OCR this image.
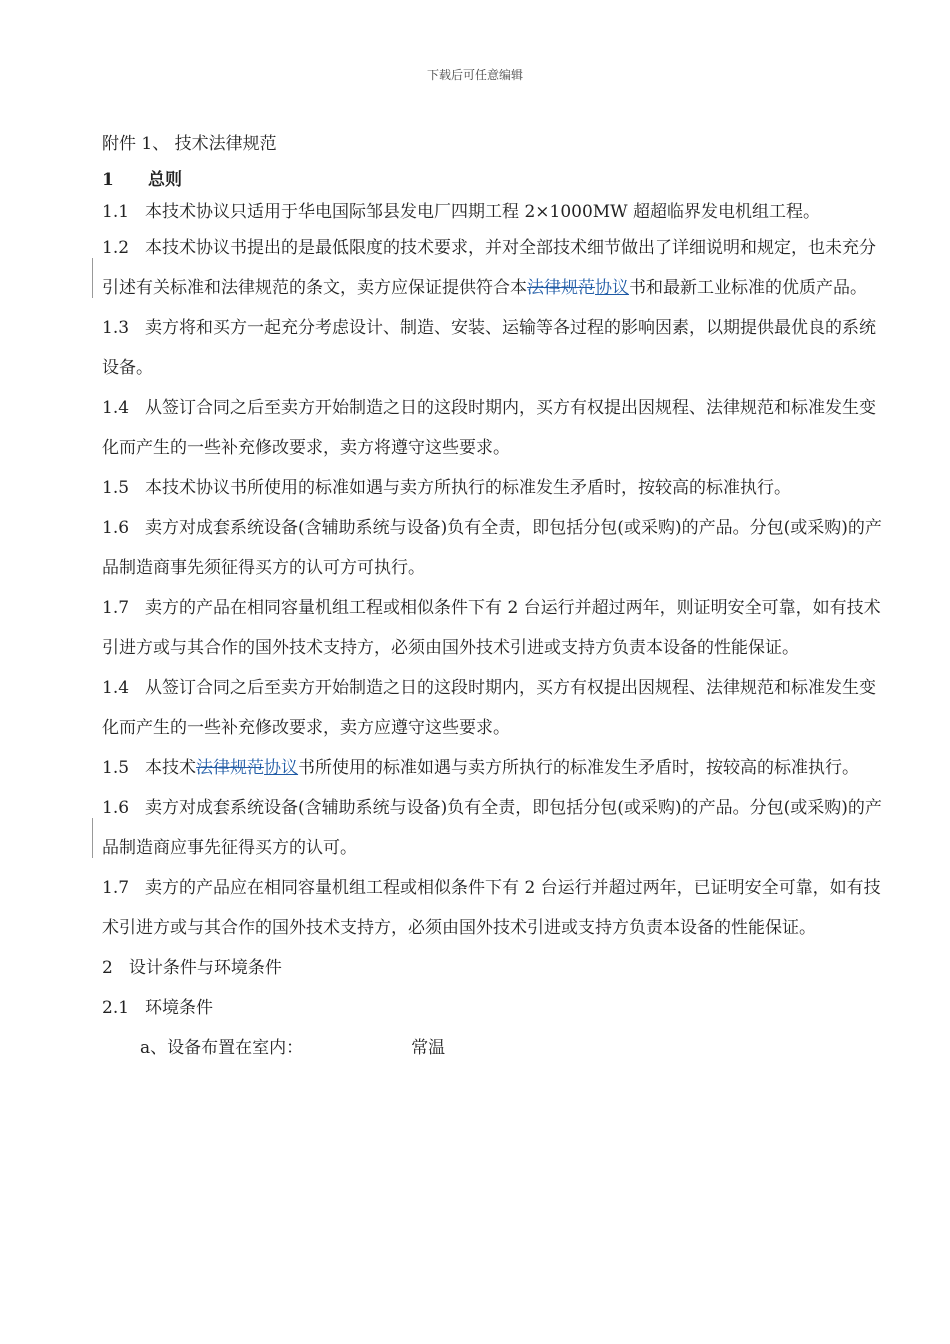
下载后可任意编辑

附件 1、 技术法律规范

1 总则

1.1 本技术协议只适用于华电国际邹县发电厂四期工程 2×1000MW 超超临界发电机组工程。

1.2 本技术协议书提出的是最低限度的技术要求，并对全部技术细节做出了详细说明和规定，也未充分引述有关标准和法律规范的条文，卖方应保证提供符合本法律规范协议书和最新工业标准的优质产品。

1.3 卖方将和买方一起充分考虑设计、制造、安装、运输等各过程的影响因素，以期提供最优良的系统设备。

1.4 从签订合同之后至卖方开始制造之日的这段时期内，买方有权提出因规程、法律规范和标准发生变化而产生的一些补充修改要求，卖方将遵守这些要求。

1.5 本技术协议书所使用的标准如遇与卖方所执行的标准发生矛盾时，按较高的标准执行。

1.6 卖方对成套系统设备(含辅助系统与设备)负有全责，即包括分包(或采购)的产品。分包(或采购)的产品制造商事先须征得买方的认可方可执行。

1.7 卖方的产品在相同容量机组工程或相似条件下有 2 台运行并超过两年，则证明安全可靠，如有技术引进方或与其合作的国外技术支持方，必须由国外技术引进或支持方负责本设备的性能保证。

1.4 从签订合同之后至卖方开始制造之日的这段时期内，买方有权提出因规程、法律规范和标准发生变化而产生的一些补充修改要求，卖方应遵守这些要求。

1.5 本技术法律规范协议书所使用的标准如遇与卖方所执行的标准发生矛盾时，按较高的标准执行。

1.6 卖方对成套系统设备(含辅助系统与设备)负有全责，即包括分包(或采购)的产品。分包(或采购)的产品制造商应事先征得买方的认可。

1.7 卖方的产品应在相同容量机组工程或相似条件下有 2 台运行并超过两年，已证明安全可靠，如有技术引进方或与其合作的国外技术支持方，必须由国外技术引进或支持方负责本设备的性能保证。

2 设计条件与环境条件

2.1 环境条件

a、设备布置在室内：	常温
